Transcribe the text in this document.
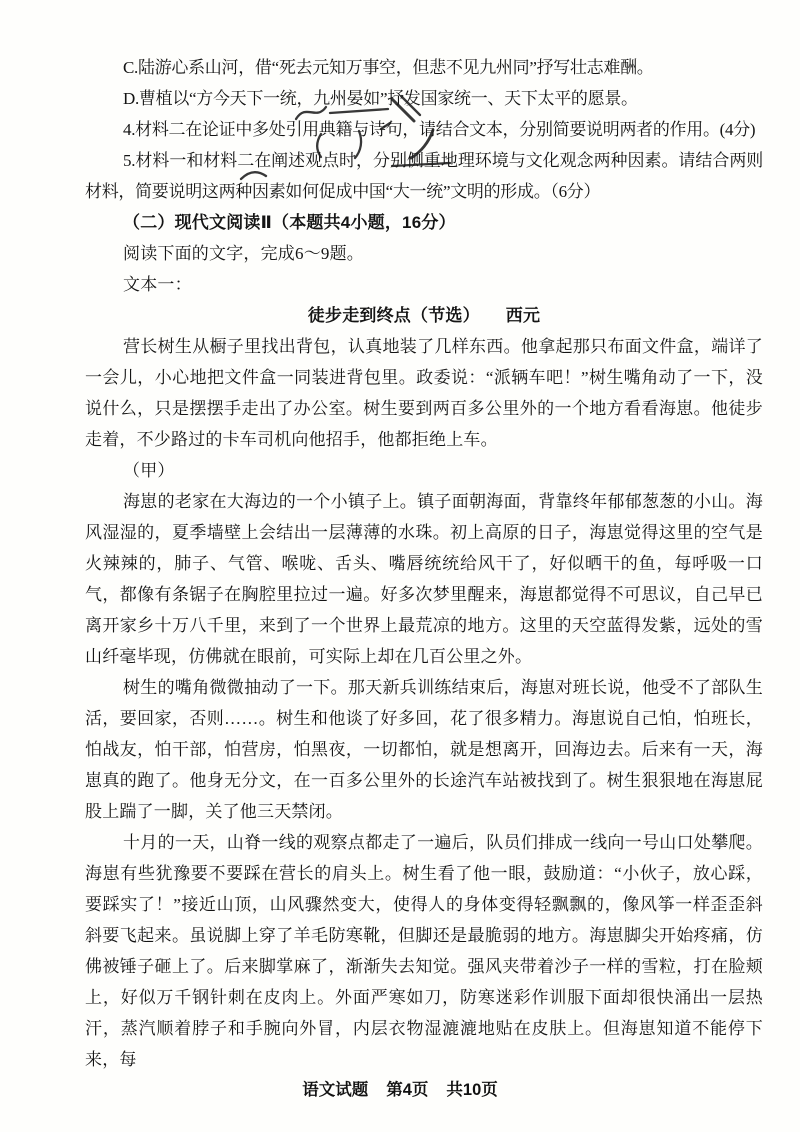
C.陆游心系山河，借“死去元知万事空，但悲不见九州同”抒写壮志难酬。

D.曹植以“方今天下一统，九州晏如”抒发国家统一、天下太平的愿景。

4.材料二在论证中多处引用典籍与诗句，请结合文本，分别简要说明两者的作用。(4分)

5.材料一和材料二在阐述观点时，分别侧重地理环境与文化观念两种因素。请结合两则材料，简要说明这两种因素如何促成中国“大一统”文明的形成。（6分）

（二）现代文阅读Ⅱ（本题共4小题，16分）

阅读下面的文字，完成6～9题。

文本一：

徒步走到终点（节选） 西元

营长树生从橱子里找出背包，认真地装了几样东西。他拿起那只布面文件盒，端详了一会儿，小心地把文件盒一同装进背包里。政委说：“派辆车吧！”树生嘴角动了一下，没说什么，只是摆摆手走出了办公室。树生要到两百多公里外的一个地方看看海崽。他徒步走着，不少路过的卡车司机向他招手，他都拒绝上车。

（甲）

海崽的老家在大海边的一个小镇子上。镇子面朝海面，背靠终年郁郁葱葱的小山。海风湿湿的，夏季墙壁上会结出一层薄薄的水珠。初上高原的日子，海崽觉得这里的空气是火辣辣的，肺子、气管、喉咙、舌头、嘴唇统统给风干了，好似晒干的鱼，每呼吸一口气，都像有条锯子在胸腔里拉过一遍。好多次梦里醒来，海崽都觉得不可思议，自己早已离开家乡十万八千里，来到了一个世界上最荒凉的地方。这里的天空蓝得发紫，远处的雪山纤毫毕现，仿佛就在眼前，可实际上却在几百公里之外。

树生的嘴角微微抽动了一下。那天新兵训练结束后，海崽对班长说，他受不了部队生活，要回家，否则……。树生和他谈了好多回，花了很多精力。海崽说自己怕，怕班长，怕战友，怕干部，怕营房，怕黑夜，一切都怕，就是想离开，回海边去。后来有一天，海崽真的跑了。他身无分文，在一百多公里外的长途汽车站被找到了。树生狠狠地在海崽屁股上踹了一脚，关了他三天禁闭。

十月的一天，山脊一线的观察点都走了一遍后，队员们排成一线向一号山口处攀爬。海崽有些犹豫要不要踩在营长的肩头上。树生看了他一眼，鼓励道：“小伙子，放心踩，要踩实了！”接近山顶，山风骤然变大，使得人的身体变得轻飘飘的，像风筝一样歪歪斜斜要飞起来。虽说脚上穿了羊毛防寒靴，但脚还是最脆弱的地方。海崽脚尖开始疼痛，仿佛被锤子砸上了。后来脚掌麻了，渐渐失去知觉。强风夹带着沙子一样的雪粒，打在脸颊上，好似万千钢针刺在皮肉上。外面严寒如刀，防寒迷彩作训服下面却很快涌出一层热汗，蒸汽顺着脖子和手腕向外冒，内层衣物湿漉漉地贴在皮肤上。但海崽知道不能停下来，每

语文试题 第4页 共10页
